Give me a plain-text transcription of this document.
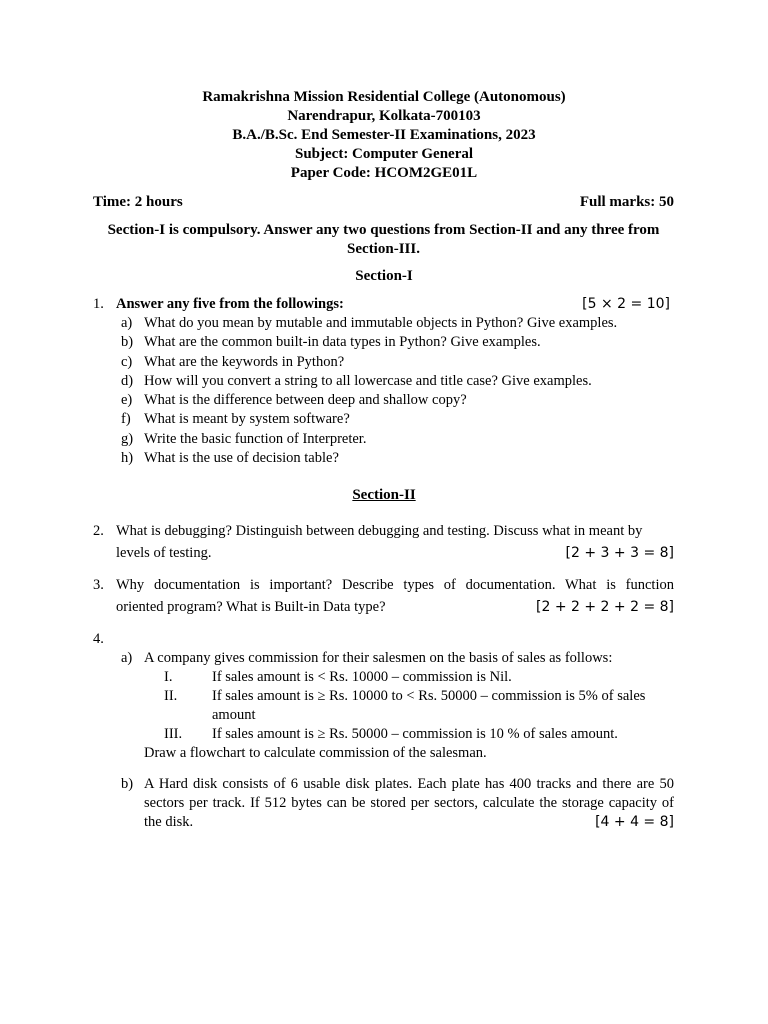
Ramakrishna Mission Residential College (Autonomous)
Narendrapur, Kolkata-700103
B.A./B.Sc. End Semester-II Examinations, 2023
Subject: Computer General
Paper Code: HCOM2GE01L
Time: 2 hours	Full marks: 50
Section-I is compulsory. Answer any two questions from Section-II and any three from Section-III.
Section-I
1. Answer any five from the followings:	[5 × 2 = 10]
a) What do you mean by mutable and immutable objects in Python? Give examples.
b) What are the common built-in data types in Python? Give examples.
c) What are the keywords in Python?
d) How will you convert a string to all lowercase and title case? Give examples.
e) What is the difference between deep and shallow copy?
f) What is meant by system software?
g) Write the basic function of Interpreter.
h) What is the use of decision table?
Section-II
2. What is debugging? Distinguish between debugging and testing. Discuss what in meant by
levels of testing.	[2 + 3 + 3 = 8]
3. Why documentation is important? Describe types of documentation. What is function
oriented program? What is Built-in Data type?	[2 + 2 + 2 + 2 = 8]
4.
a) A company gives commission for their salesmen on the basis of sales as follows:
I.	If sales amount is < Rs. 10000 – commission is Nil.
II.	If sales amount is ≥ Rs. 10000 to < Rs. 50000 – commission is 5% of sales amount
III.	If sales amount is ≥ Rs. 50000 – commission is 10 % of sales amount.
Draw a flowchart to calculate commission of the salesman.
b) A Hard disk consists of 6 usable disk plates. Each plate has 400 tracks and there are 50 sectors per track. If 512 bytes can be stored per sectors, calculate the storage capacity of the disk.	[4 + 4 = 8]
